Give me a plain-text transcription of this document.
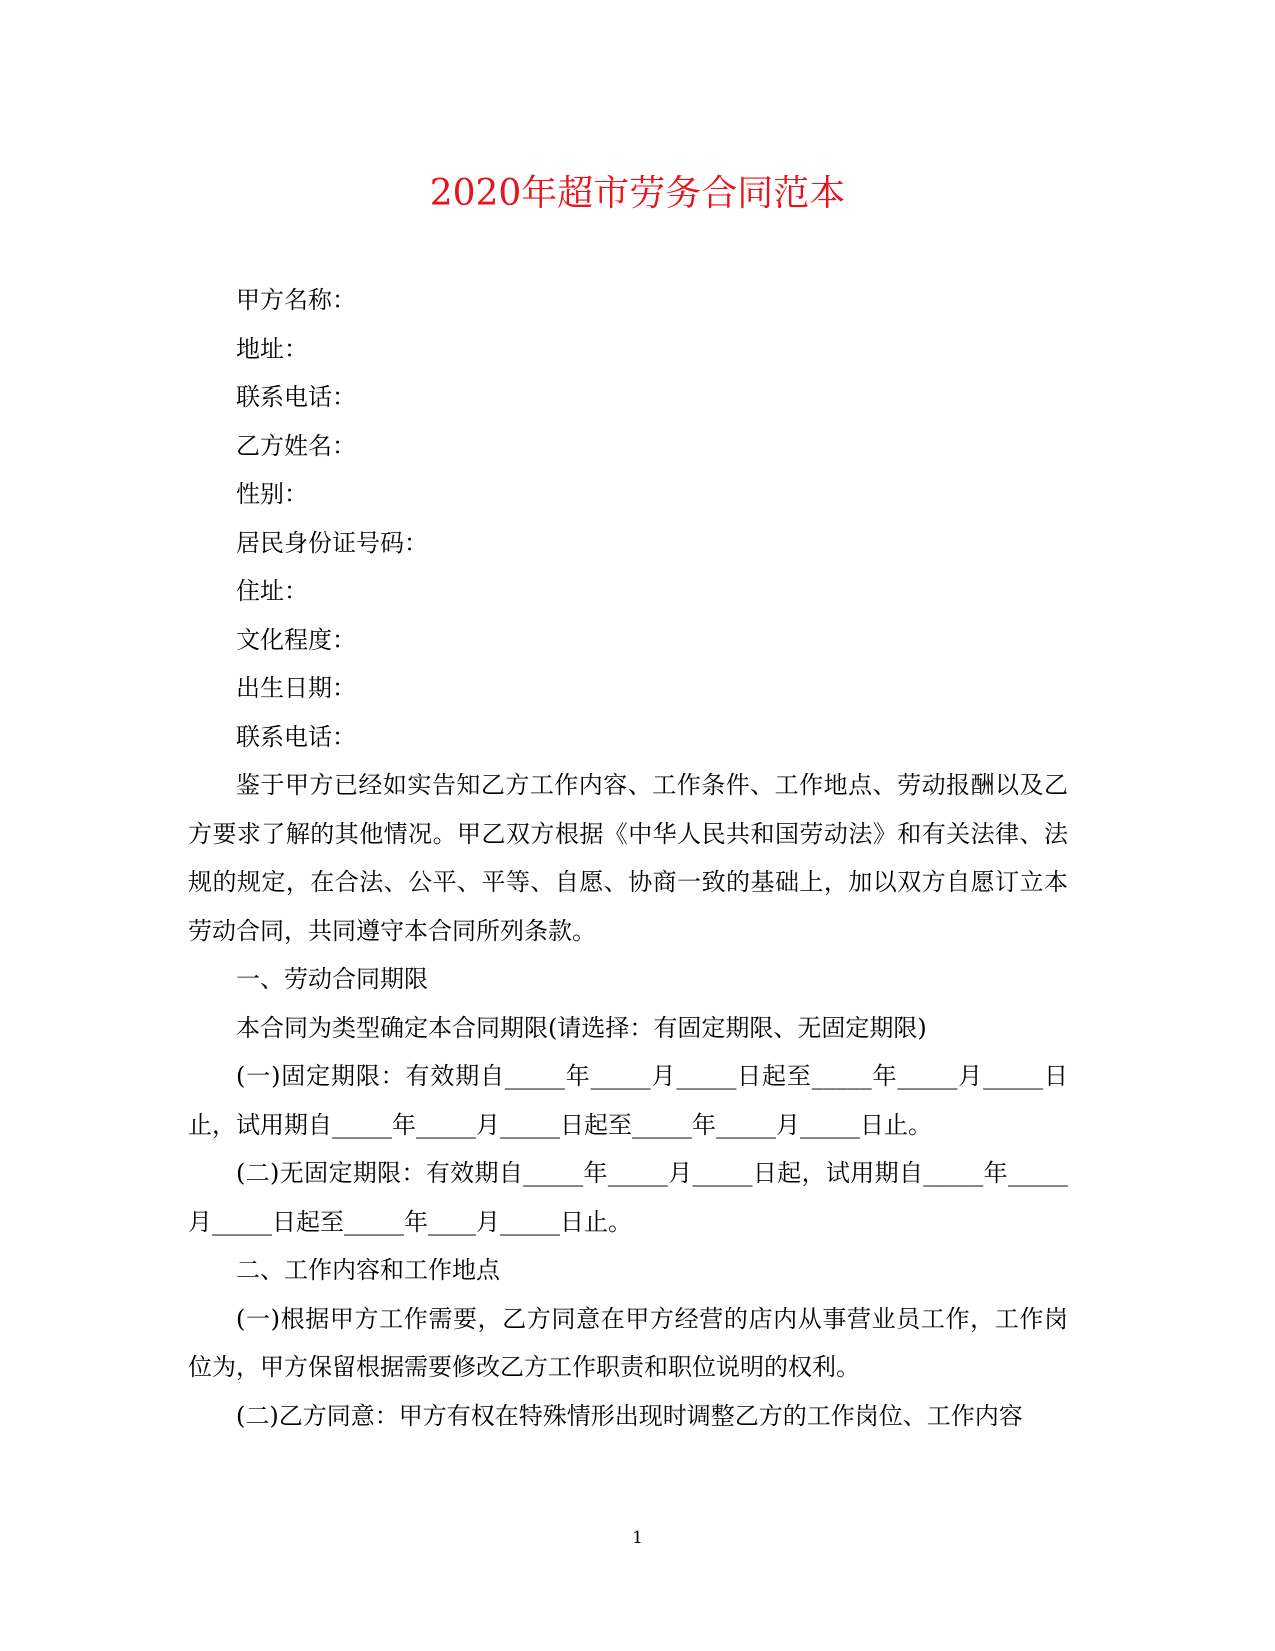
2020年超市劳务合同范本

甲方名称：

地址：

联系电话：

乙方姓名：

性别：

居民身份证号码：

住址：

文化程度：

出生日期：

联系电话：

鉴于甲方已经如实告知乙方工作内容、工作条件、工作地点、劳动报酬以及乙方要求了解的其他情况。甲乙双方根据《中华人民共和国劳动法》和有关法律、法规的规定，在合法、公平、平等、自愿、协商一致的基础上，加以双方自愿订立本劳动合同，共同遵守本合同所列条款。

一、劳动合同期限

本合同为类型确定本合同期限(请选择：有固定期限、无固定期限)

(一)固定期限：有效期自_____年_____月_____日起至_____年_____月_____日止，试用期自_____年_____月_____日起至_____年_____月_____日止。

(二)无固定期限：有效期自_____年_____月_____日起，试用期自_____年_____月_____日起至_____年____月_____日止。

二、工作内容和工作地点

(一)根据甲方工作需要，乙方同意在甲方经营的店内从事营业员工作，工作岗位为，甲方保留根据需要修改乙方工作职责和职位说明的权利。

(二)乙方同意：甲方有权在特殊情形出现时调整乙方的工作岗位、工作内容

1
